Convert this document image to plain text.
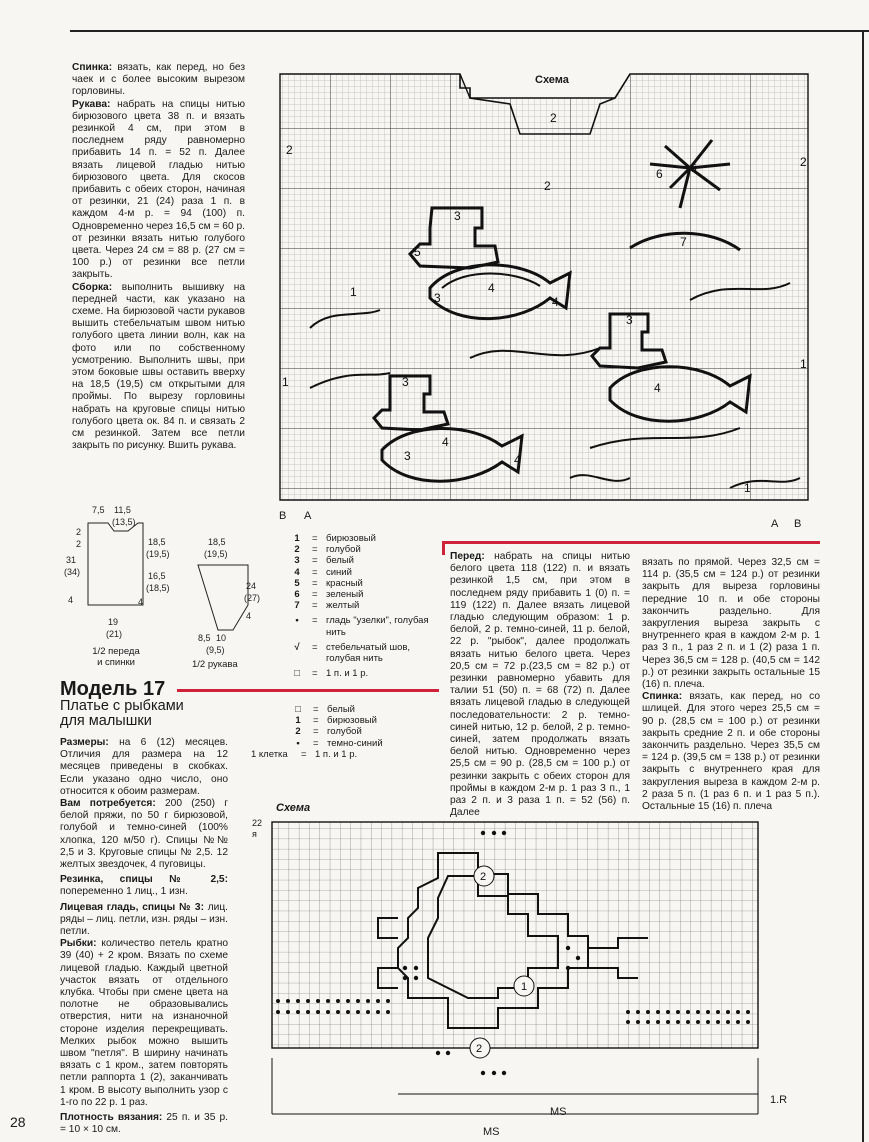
Спинка: вязать, как перед, но без чаек и с более высоким вырезом горловины.

Рукава: набрать на спицы нитью бирюзового цвета 38 п. и вязать резинкой 4 см, при этом в последнем ряду равномерно прибавить 14 п. = 52 п. Далее вязать лицевой гладью нитью бирюзового цвета. Для скосов прибавить с обеих сторон, начиная от резинки, 21 (24) раза 1 п. в каждом 4-м р. = 94 (100) п. Одновременно через 16,5 см = 60 р. от резинки вязать нитью голубого цвета. Через 24 см = 88 р. (27 см = 100 р.) от резинки все петли закрыть.

Сборка: выполнить вышивку на передней части, как указано на схеме. На бирюзовой части рукавов вышить стебельчатым швом нитью голубого цвета линии волн, как на фото или по собственному усмотрению. Выполнить швы, при этом боковые швы оставить вверху на 18,5 (19,5) см открытыми для проймы. По вырезу горловины набрать на круговые спицы нитью голубого цвета ок. 84 п. и связать 2 см резинкой. Затем все петли закрыть по рисунку. Вшить рукава.

2
2
2
2
1
1
1
1
3
3
4
4
5
6
6
7
3
4
3
3
4
4
Схема
B A
A B
1	= бирюзовый
2	= голубой
3	= белый
4	= синий
5	= красный
6	= зеленый
7	= желтый
•	= гладь "узелки", голубая нить
√	= стебельчатый шов, голубая нить
□	= 1 п. и 1 р.
7,5 11,5
(13,5)
2
2
31
(34)
4
18,5
(19,5)
16,5
(18,5)
4
19
(21)
18,5
(19,5)
24
(27)
4
8,5 10
(9,5)
1/2 переда
и спинки	1/2 рукава
Модель 17
Платье с рыбками
для малышки

Размеры: на 6 (12) месяцев. Отличия для размера на 12 месяцев приведены в скобках. Если указано одно число, оно относится к обоим размерам.

Вам потребуется: 200 (250) г белой пряжи, по 50 г бирюзовой, голубой и темно-синей (100% хлопка, 120 м/50 г). Спицы №№ 2,5 и 3. Круговые спицы № 2,5. 12 желтых звездочек, 4 пуговицы.

Резинка, спицы № 2,5: попеременно 1 лиц., 1 изн.

Лицевая гладь, спицы № 3: лиц. ряды – лиц. петли, изн. ряды – изн. петли.

Рыбки: количество петель кратно 39 (40) + 2 кром. Вязать по схеме лицевой гладью. Каждый цветной участок вязать от отдельного клубка. Чтобы при смене цвета на полотне не образовывались отверстия, нити на изнаночной стороне изделия перекрещивать. Мелких рыбок можно вышить швом "петля". В ширину начинать вязать с 1 кром., затем повторять петли раппорта 1 (2), заканчивать 1 кром. В высоту выполнить узор с 1-го по 22 р. 1 раз.

Плотность вязания: 25 п. и 35 р. = 10 × 10 см.

□	= белый
1	= бирюзовый
2	= голубой
•	= темно-синий
1 клетка	= 1 п. и 1 р.

Перед: набрать на спицы нитью белого цвета 118 (122) п. и вязать резинкой 1,5 см, при этом в последнем ряду прибавить 1 (0) п. = 119 (122) п. Далее вязать лицевой гладью следующим образом: 1 р. белой, 2 р. темно-синей, 11 р. белой, 22 р. "рыбок", далее продолжать вязать нитью белого цвета. Через 20,5 см = 72 р.(23,5 см = 82 р.) от резинки равномерно убавить для талии 51 (50) п. = 68 (72) п. Далее вязать лицевой гладью в следующей последовательности: 2 р. темно-синей нитью, 12 р. белой, 2 р. темно-синей, затем продолжать вязать белой нитью. Одновременно через 25,5 см = 90 р. (28,5 см = 100 р.) от резинки закрыть с обеих сторон для проймы в каждом 2-м р. 1 раз 3 п., 1 раз 2 п. и 3 раза 1 п. = 52 (56) п. Далее

вязать по прямой. Через 32,5 см = 114 р. (35,5 см = 124 р.) от резинки закрыть для выреза горловины передние 10 п. и обе стороны закончить раздельно. Для закругления выреза закрыть с внутреннего края в каждом 2-м р. 1 раз 3 п., 1 раз 2 п. и 1 (2) раза 1 п. Через 36,5 см = 128 р. (40,5 см = 142 р.) от резинки закрыть остальные 15 (16) п. плеча.

Спинка: вязать, как перед, но со шлицей. Для этого через 25,5 см = 90 р. (28,5 см = 100 р.) от резинки закрыть средние 2 п. и обе стороны закончить раздельно. Через 35,5 см = 124 р. (39,5 см = 138 р.) от резинки закрыть с внутреннего края для закругления выреза в каждом 2-м р. 2 раза 5 п. (1 раз 6 п. и 1 раз 5 п.). Остальные 15 (16) п. плеча

Схема
22 я
2
1
2
1.R
MS
MS
28
